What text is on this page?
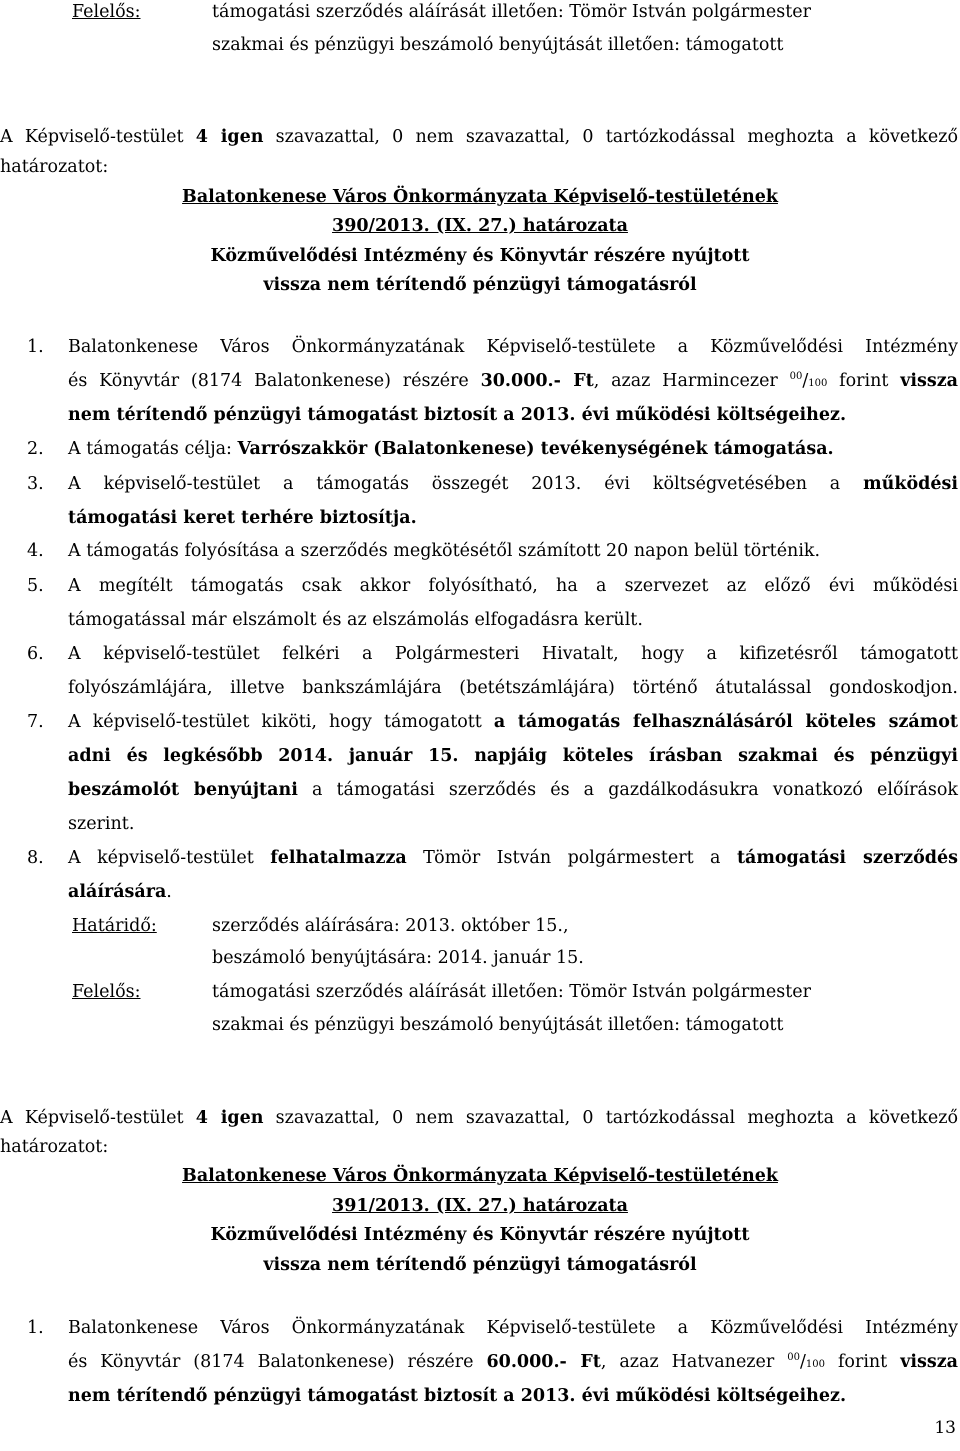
Felelős:	támogatási szerződés aláírását illetően: Tömör István polgármester
szakmai és pénzügyi beszámoló benyújtását illetően: támogatott
A Képviselő-testület 4 igen szavazattal, 0 nem szavazattal, 0 tartózkodással meghozta a következő
határozatot:
Balatonkenese Város Önkormányzata Képviselő-testületének
390/2013. (IX. 27.) határozata
Közművelődési Intézmény és Könyvtár részére nyújtott
vissza nem térítendő pénzügyi támogatásról
1.	Balatonkenese Város Önkormányzatának Képviselő-testülete a Közművelődési Intézmény
és Könyvtár (8174 Balatonkenese) részére 30.000.- Ft, azaz Harmincezer $^{00}$/100 forint vissza
nem térítendő pénzügyi támogatást biztosít a 2013. évi működési költségeihez.
2.	A támogatás célja: Varrószakkör (Balatonkenese) tevékenységének támogatása.
3.	A képviselő-testület a támogatás összegét 2013. évi költségvetésében a működési
támogatási keret terhére biztosítja.
4.	A támogatás folyósítása a szerződés megkötésétől számított 20 napon belül történik.
5.	A megítélt támogatás csak akkor folyósítható, ha a szervezet az előző évi működési
támogatással már elszámolt és az elszámolás elfogadásra került.
6.	A képviselő-testület felkéri a Polgármesteri Hivatalt, hogy a kifizetésről támogatott
folyószámlájára, illetve bankszámlájára (betétszámlájára) történő átutalással gondoskodjon.
7.	A képviselő-testület kiköti, hogy támogatott a támogatás felhasználásáról köteles számot
adni és legkésőbb 2014. január 15. napjáig köteles írásban szakmai és pénzügyi
beszámolót benyújtani a támogatási szerződés és a gazdálkodásukra vonatkozó előírások
szerint.
8.	A képviselő-testület felhatalmazza Tömör István polgármestert a támogatási szerződés
aláírására.
Határidő:	szerződés aláírására: 2013. október 15.,
beszámoló benyújtására: 2014. január 15.
Felelős:	támogatási szerződés aláírását illetően: Tömör István polgármester
szakmai és pénzügyi beszámoló benyújtását illetően: támogatott
A Képviselő-testület 4 igen szavazattal, 0 nem szavazattal, 0 tartózkodással meghozta a következő
határozatot:
Balatonkenese Város Önkormányzata Képviselő-testületének
391/2013. (IX. 27.) határozata
Közművelődési Intézmény és Könyvtár részére nyújtott
vissza nem térítendő pénzügyi támogatásról
1.	Balatonkenese Város Önkormányzatának Képviselő-testülete a Közművelődési Intézmény
és Könyvtár (8174 Balatonkenese) részére 60.000.- Ft, azaz Hatvanezer $^{00}$/100 forint vissza
nem térítendő pénzügyi támogatást biztosít a 2013. évi működési költségeihez.
13
